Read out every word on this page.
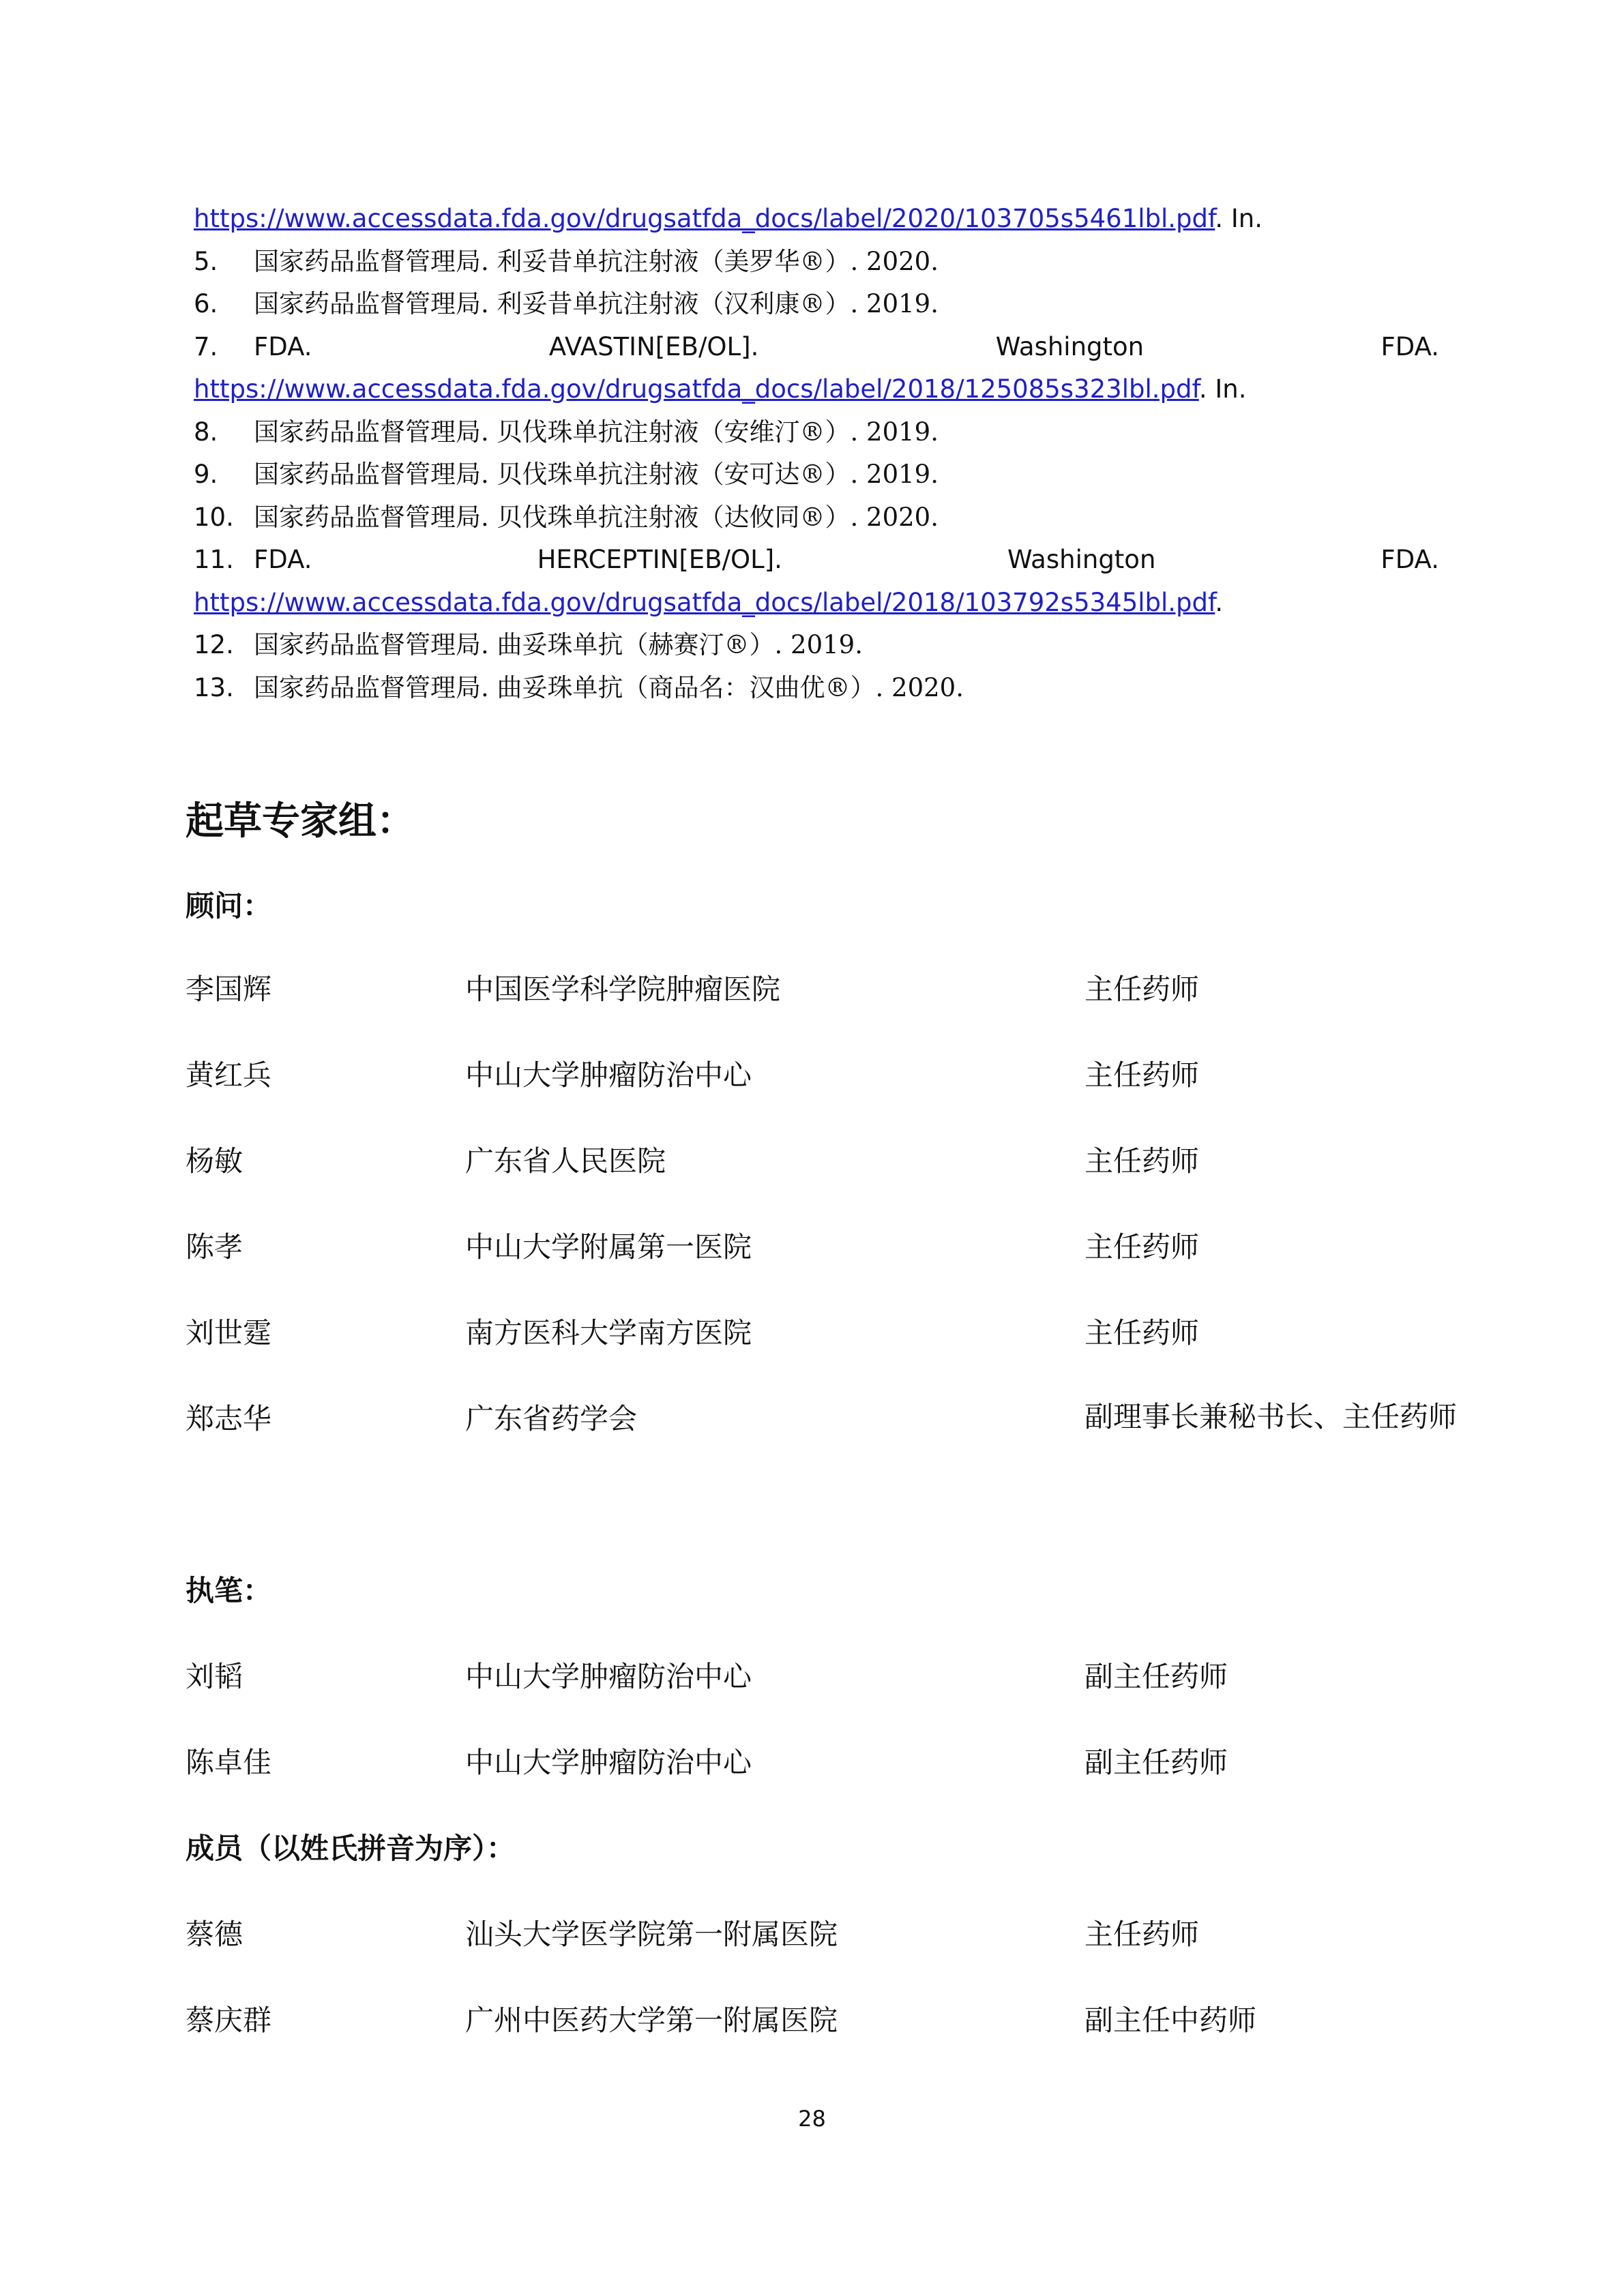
https://www.accessdata.fda.gov/drugsatfda_docs/label/2020/103705s5461lbl.pdf. In.
5.	国家药品监督管理局. 利妥昔单抗注射液（美罗华®）. 2020.
6.	国家药品监督管理局. 利妥昔单抗注射液（汉利康®）. 2019.
7.	FDA.	AVASTIN[EB/OL].	Washington	FDA.
https://www.accessdata.fda.gov/drugsatfda_docs/label/2018/125085s323lbl.pdf. In.
8.	国家药品监督管理局. 贝伐珠单抗注射液（安维汀®）. 2019.
9.	国家药品监督管理局. 贝伐珠单抗注射液（安可达®）. 2019.
10. 国家药品监督管理局. 贝伐珠单抗注射液（达攸同®）. 2020.
11. FDA.	HERCEPTIN[EB/OL].	Washington	FDA.
https://www.accessdata.fda.gov/drugsatfda_docs/label/2018/103792s5345lbl.pdf.
12. 国家药品监督管理局. 曲妥珠单抗（赫赛汀®）. 2019.
13. 国家药品监督管理局. 曲妥珠单抗（商品名：汉曲优®）. 2020.
起草专家组：
顾问：
李国辉	中国医学科学院肿瘤医院	主任药师
黄红兵	中山大学肿瘤防治中心	主任药师
杨敏	广东省人民医院	主任药师
陈孝	中山大学附属第一医院	主任药师
刘世霆	南方医科大学南方医院	主任药师
郑志华	广东省药学会	副理事长兼秘书长、主任药师
执笔：
刘韬	中山大学肿瘤防治中心	副主任药师
陈卓佳	中山大学肿瘤防治中心	副主任药师
成员（以姓氏拼音为序）：
蔡德	汕头大学医学院第一附属医院	主任药师
蔡庆群	广州中医药大学第一附属医院	副主任中药师
28
